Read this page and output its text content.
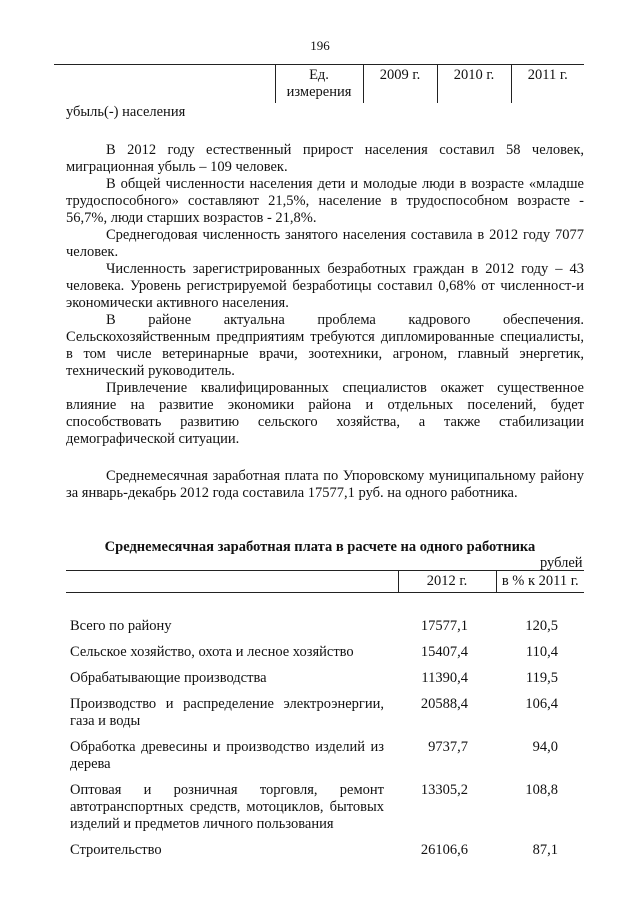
196
	Ед. измерения	2009 г.	2010 г.	2011 г.
убыль(-) населения

В 2012 году естественный прирост населения составил 58 человек, миграционная убыль – 109 человек.

В общей численности населения дети и молодые люди в возрасте «младше трудоспособного» составляют 21,5%, население в трудоспособном возрасте - 56,7%, люди старших возрастов - 21,8%.

Среднегодовая численность занятого населения составила в 2012 году 7077 человек.

Численность зарегистрированных безработных граждан в 2012 году – 43 человека. Уровень регистрируемой безработицы составил 0,68% от численност-и экономически активного населения.

В районе актуальна проблема кадрового обеспечения. Сельскохозяйственным предприятиям требуются дипломированные специалисты, в том числе ветеринарные врачи, зоотехники, агроном, главный энергетик, технический руководитель.

Привлечение квалифицированных специалистов окажет существенное влияние на развитие экономики района и отдельных поселений, будет способствовать развитию сельского хозяйства, а также стабилизации демографической ситуации.

Среднемесячная заработная плата по Упоровскому муниципальному району за январь-декабрь 2012 года составила 17577,1 руб. на одного работника.

Среднемесячная заработная плата в расчете на одного работника
рублей
	2012 г.	в % к 2011 г.

Всего по району	17577,1	120,5
Сельское хозяйство, охота и лесное хозяйство	15407,4	110,4
Обрабатывающие производства	11390,4	119,5
Производство и распределение электроэнергии, газа и воды	20588,4	106,4
Обработка древесины и производство изделий из дерева	9737,7	94,0
Оптовая и розничная торговля, ремонт автотранспортных средств, мотоциклов, бытовых изделий и предметов личного пользования	13305,2	108,8
Строительство	26106,6	87,1
